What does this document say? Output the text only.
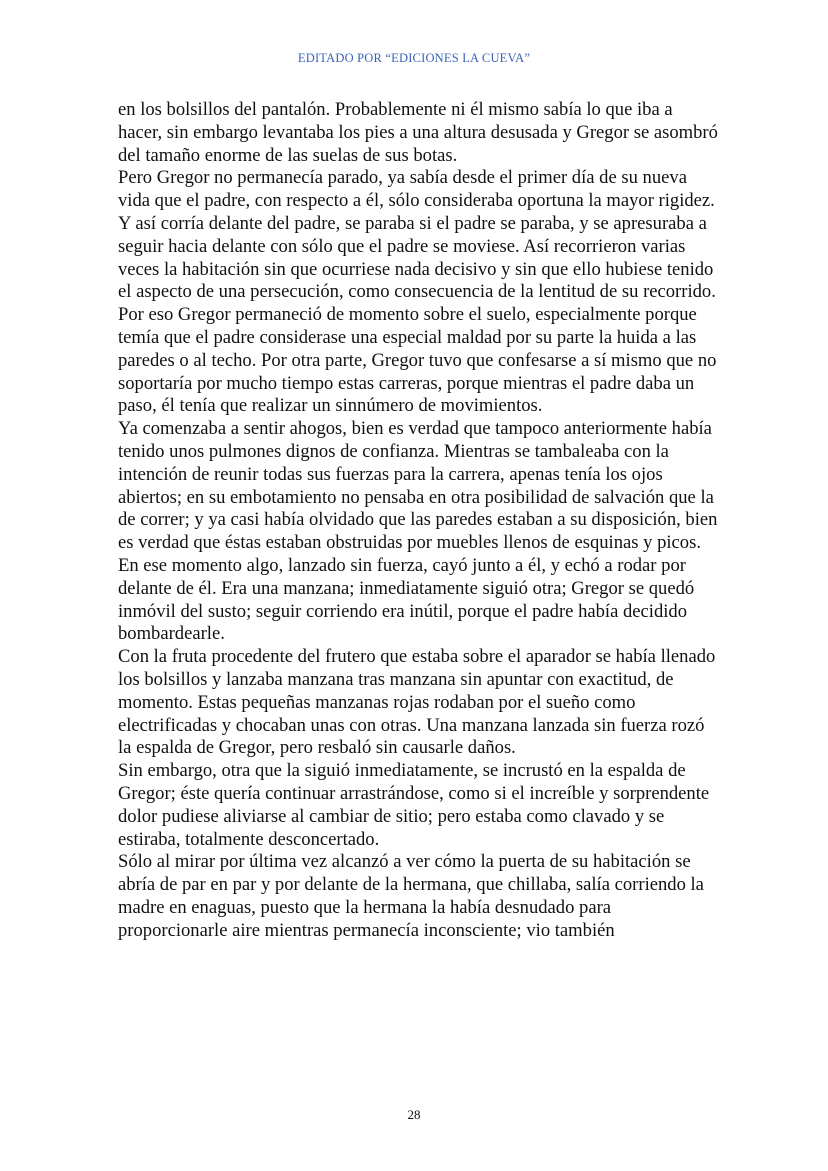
EDITADO POR “EDICIONES LA CUEVA”

en los bolsillos del pantalón. Probablemente ni él mismo sabía lo que iba a hacer, sin embargo levantaba los pies a una altura desusada y Gregor se asombró del tamaño enorme de las suelas de sus botas.

Pero Gregor no permanecía parado, ya sabía desde el primer día de su nueva vida que el padre, con respecto a él, sólo consideraba oportuna la mayor rigidez.

Y así corría delante del padre, se paraba si el padre se paraba, y se apresuraba a seguir hacia delante con sólo que el padre se moviese. Así recorrieron varias veces la habitación sin que ocurriese nada decisivo y sin que ello hubiese tenido el aspecto de una persecución, como consecuencia de la lentitud de su recorrido.

Por eso Gregor permaneció de momento sobre el suelo, especialmente porque temía que el padre considerase una especial maldad por su parte la huida a las paredes o al techo. Por otra parte, Gregor tuvo que confesarse a sí mismo que no soportaría por mucho tiempo estas carreras, porque mientras el padre daba un paso, él tenía que realizar un sinnúmero de movimientos.

Ya comenzaba a sentir ahogos, bien es verdad que tampoco anteriormente había tenido unos pulmones dignos de confianza. Mientras se tambaleaba con la intención de reunir todas sus fuerzas para la carrera, apenas tenía los ojos abiertos; en su embotamiento no pensaba en otra posibilidad de salvación que la de correr; y ya casi había olvidado que las paredes estaban a su disposición, bien es verdad que éstas estaban obstruidas por muebles llenos de esquinas y picos.

En ese momento algo, lanzado sin fuerza, cayó junto a él, y echó a rodar por delante de él. Era una manzana; inmediatamente siguió otra; Gregor se quedó inmóvil del susto; seguir corriendo era inútil, porque el padre había decidido bombardearle.

Con la fruta procedente del frutero que estaba sobre el aparador se había llenado los bolsillos y lanzaba manzana tras manzana sin apuntar con exactitud, de momento. Estas pequeñas manzanas rojas rodaban por el sueño como electrificadas y chocaban unas con otras. Una manzana lanzada sin fuerza rozó la espalda de Gregor, pero resbaló sin causarle daños.

Sin embargo, otra que la siguió inmediatamente, se incrustó en la espalda de Gregor; éste quería continuar arrastrándose, como si el increíble y sorprendente dolor pudiese aliviarse al cambiar de sitio; pero estaba como clavado y se estiraba, totalmente desconcertado.

Sólo al mirar por última vez alcanzó a ver cómo la puerta de su habitación se abría de par en par y por delante de la hermana, que chillaba, salía corriendo la madre en enaguas, puesto que la hermana la había desnudado para proporcionarle aire mientras permanecía inconsciente; vio también

28
